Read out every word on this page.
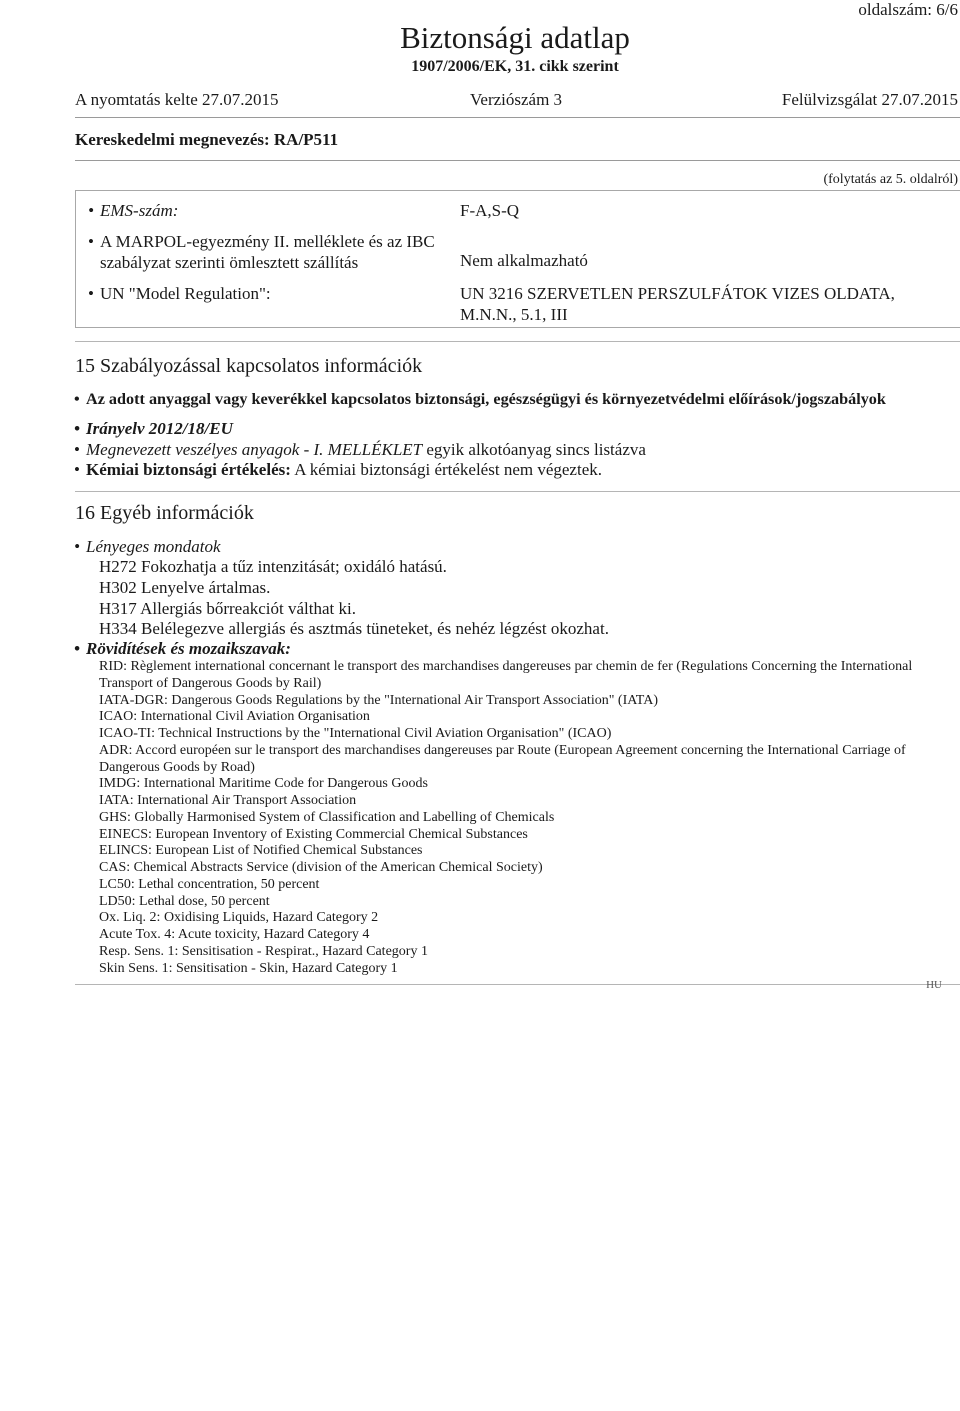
oldalszám: 6/6
Biztonsági adatlap
1907/2006/EK, 31. cikk szerint
A nyomtatás kelte 27.07.2015	Verziószám 3	Felülvizsgálat 27.07.2015
Kereskedelmi megnevezés: RA/P511
(folytatás az 5. oldalról)
• EMS-szám:	F-A,S-Q
• A MARPOL-egyezmény II. melléklete és az IBC
szabályzat szerinti ömlesztett szállítás	Nem alkalmazható
• UN "Model Regulation":	UN 3216 SZERVETLEN PERSZULFÁTOK VIZES OLDATA,
M.N.N., 5.1, III
15 Szabályozással kapcsolatos információk
• Az adott anyaggal vagy keverékkel kapcsolatos biztonsági, egészségügyi és környezetvédelmi előírások/jogszabályok
• Irányelv 2012/18/EU
• Megnevezett veszélyes anyagok - I. MELLÉKLET egyik alkotóanyag sincs listázva
• Kémiai biztonsági értékelés: A kémiai biztonsági értékelést nem végeztek.
16 Egyéb információk
• Lényeges mondatok
H272 Fokozhatja a tűz intenzitását; oxidáló hatású.
H302 Lenyelve ártalmas.
H317 Allergiás bőrreakciót válthat ki.
H334 Belélegezve allergiás és asztmás tüneteket, és nehéz légzést okozhat.
• Rövidítések és mozaikszavak:
RID: Règlement international concernant le transport des marchandises dangereuses par chemin de fer (Regulations Concerning the International
Transport of Dangerous Goods by Rail)
IATA-DGR: Dangerous Goods Regulations by the "International Air Transport Association" (IATA)
ICAO: International Civil Aviation Organisation
ICAO-TI: Technical Instructions by the "International Civil Aviation Organisation" (ICAO)
ADR: Accord européen sur le transport des marchandises dangereuses par Route (European Agreement concerning the International Carriage of
Dangerous Goods by Road)
IMDG: International Maritime Code for Dangerous Goods
IATA: International Air Transport Association
GHS: Globally Harmonised System of Classification and Labelling of Chemicals
EINECS: European Inventory of Existing Commercial Chemical Substances
ELINCS: European List of Notified Chemical Substances
CAS: Chemical Abstracts Service (division of the American Chemical Society)
LC50: Lethal concentration, 50 percent
LD50: Lethal dose, 50 percent
Ox. Liq. 2: Oxidising Liquids, Hazard Category 2
Acute Tox. 4: Acute toxicity, Hazard Category 4
Resp. Sens. 1: Sensitisation - Respirat., Hazard Category 1
Skin Sens. 1: Sensitisation - Skin, Hazard Category 1
HU
